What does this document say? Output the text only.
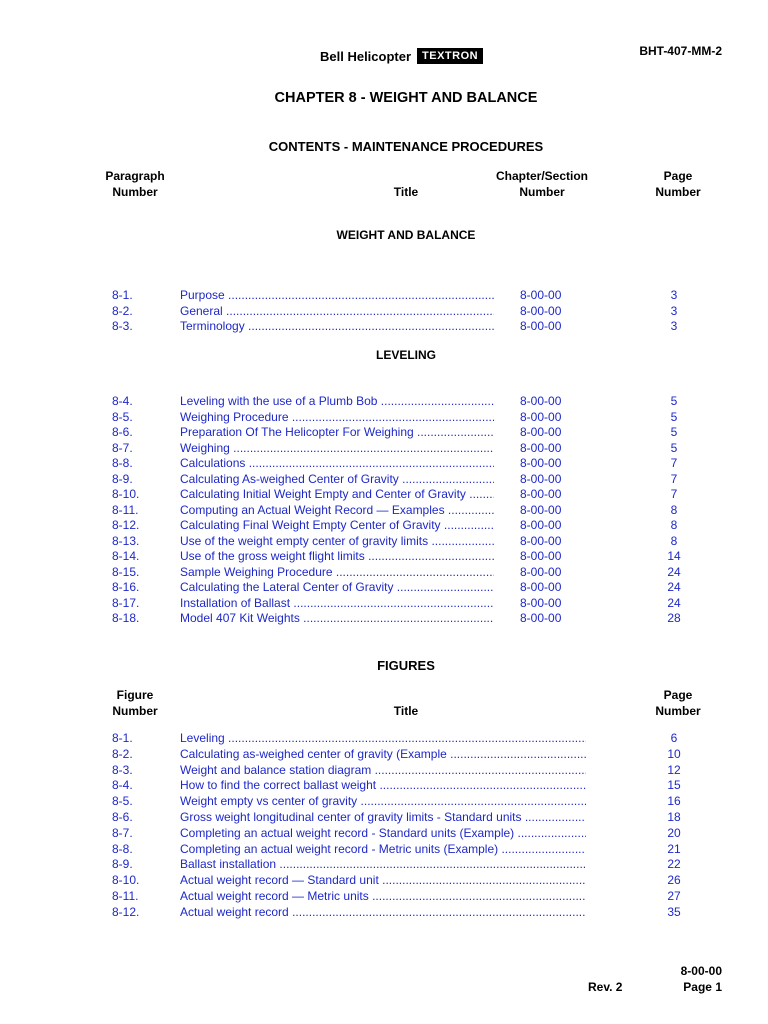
Bell Helicopter	TEXTRON	BHT-407-MM-2
CHAPTER 8 - WEIGHT AND BALANCE
CONTENTS - MAINTENANCE PROCEDURES
Paragraph
Number	Title
Chapter/Section
Number
Page
Number
WEIGHT AND BALANCE
8-1.	Purpose .....	8-00-00	3
8-2.	General .....	8-00-00	3
8-3.	Terminology .....	8-00-00	3
LEVELING
8-4.	Leveling with the use of a Plumb Bob .....	8-00-00	5
8-5.	Weighing Procedure .....	8-00-00	5
8-6.	Preparation Of The Helicopter For Weighing .....	8-00-00	5
8-7.	Weighing .....	8-00-00	5
8-8.	Calculations .....	8-00-00	7
8-9.	Calculating As-weighed Center of Gravity .....	8-00-00	7
8-10.	Calculating Initial Weight Empty and Center of Gravity .....	8-00-00	7
8-11.	Computing an Actual Weight Record — Examples .....	8-00-00	8
8-12.	Calculating Final Weight Empty Center of Gravity .....	8-00-00	8
8-13.	Use of the weight empty center of gravity limits .....	8-00-00	8
8-14.	Use of the gross weight flight limits .....	8-00-00	14
8-15.	Sample Weighing Procedure .....	8-00-00	24
8-16.	Calculating the Lateral Center of Gravity .....	8-00-00	24
8-17.	Installation of Ballast .....	8-00-00	24
8-18.	Model 407 Kit Weights .....	8-00-00	28
FIGURES
Figure
Number	Title
Page
Number
8-1.	Leveling .....	6
8-2.	Calculating as-weighed center of gravity (Example .....	10
8-3.	Weight and balance station diagram .....	12
8-4.	How to find the correct ballast weight .....	15
8-5.	Weight empty vs center of gravity .....	16
8-6.	Gross weight longitudinal center of gravity limits - Standard units .....	18
8-7.	Completing an actual weight record - Standard units (Example) .....	20
8-8.	Completing an actual weight record - Metric units (Example) .....	21
8-9.	Ballast installation .....	22
8-10.	Actual weight record — Standard unit .....	26
8-11.	Actual weight record — Metric units .....	27
8-12.	Actual weight record .....	35
Rev. 2
8-00-00
Page 1
